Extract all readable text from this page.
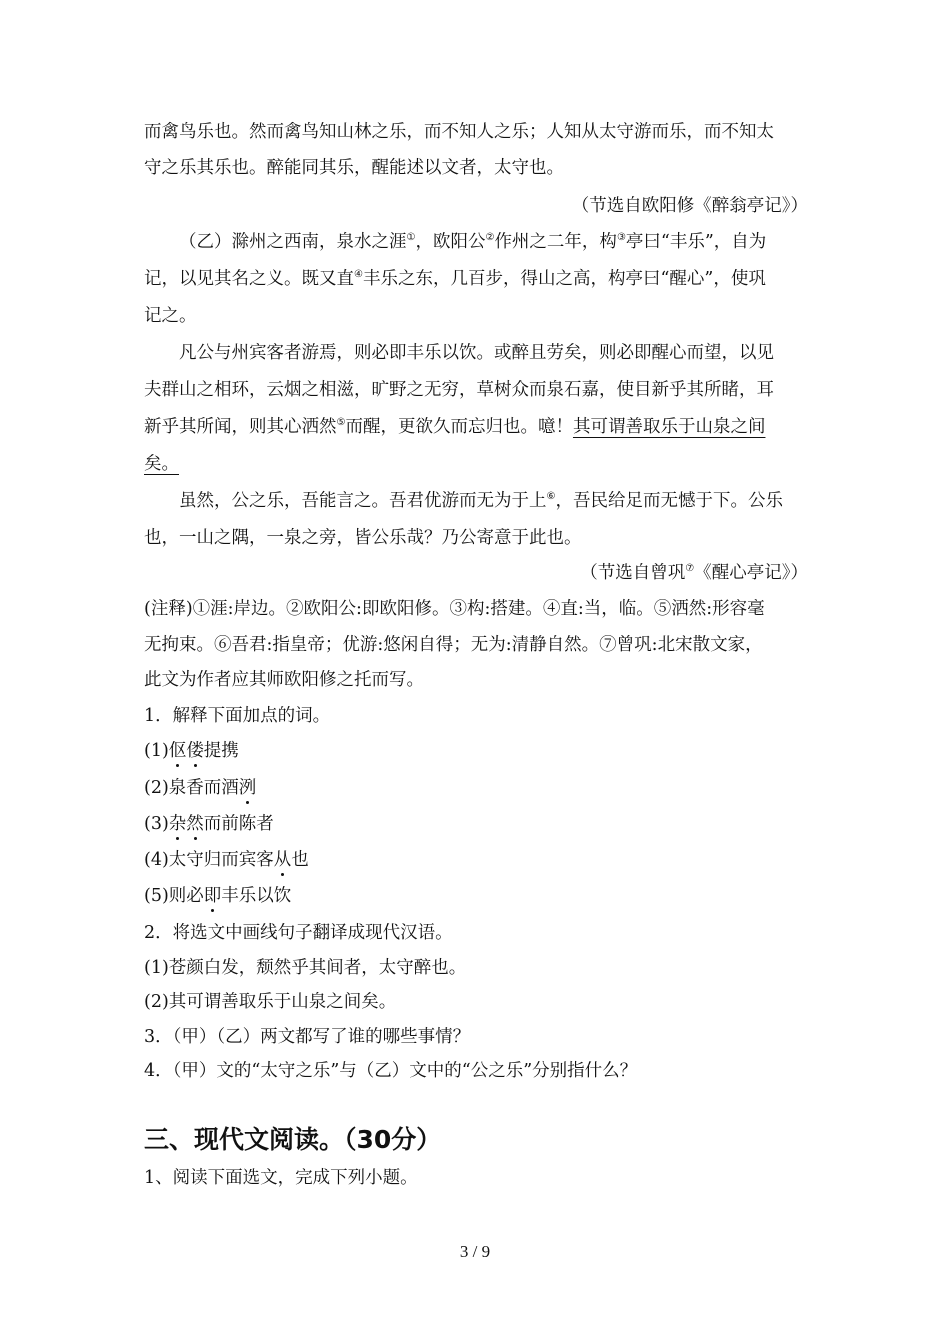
而禽鸟乐也。然而禽鸟知山林之乐，而不知人之乐；人知从太守游而乐，而不知太
守之乐其乐也。醉能同其乐，醒能述以文者，太守也。
（节选自欧阳修《醉翁亭记》）
（乙）滁州之西南，泉水之涯①，欧阳公②作州之二年，构③亭曰“丰乐”，自为
记，以见其名之义。既又直④丰乐之东，几百步，得山之高，构亭曰“醒心”，使巩
记之。
凡公与州宾客者游焉，则必即丰乐以饮。或醉且劳矣，则必即醒心而望，以见
夫群山之相环，云烟之相滋，旷野之无穷，草树众而泉石嘉，使目新乎其所睹，耳
新乎其所闻，则其心洒然⑤而醒，更欲久而忘归也。噫！其可谓善取乐于山泉之间
矣。
虽然，公之乐，吾能言之。吾君优游而无为于上⑥，吾民给足而无憾于下。公乐
也，一山之隅，一泉之旁，皆公乐哉？乃公寄意于此也。
（节选自曾巩⑦《醒心亭记》）
(注释)①涯:岸边。②欧阳公:即欧阳修。③构:搭建。④直:当，临。⑤洒然:形容毫
无拘束。⑥吾君:指皇帝；优游:悠闲自得；无为:清静自然。⑦曾巩:北宋散文家，
此文为作者应其师欧阳修之托而写。
1．解释下面加点的词。
(1)伛偻提携
(2)泉香而酒洌
(3)杂然而前陈者
(4)太守归而宾客从也
(5)则必即丰乐以饮
2．将选文中画线句子翻译成现代汉语。
(1)苍颜白发，颓然乎其间者，太守醉也。
(2)其可谓善取乐于山泉之间矣。
3．（甲）（乙）两文都写了谁的哪些事情？
4．（甲）文的“太守之乐”与（乙）文中的“公之乐”分别指什么？
三、现代文阅读。（30分）
1、阅读下面选文，完成下列小题。
3 / 9
